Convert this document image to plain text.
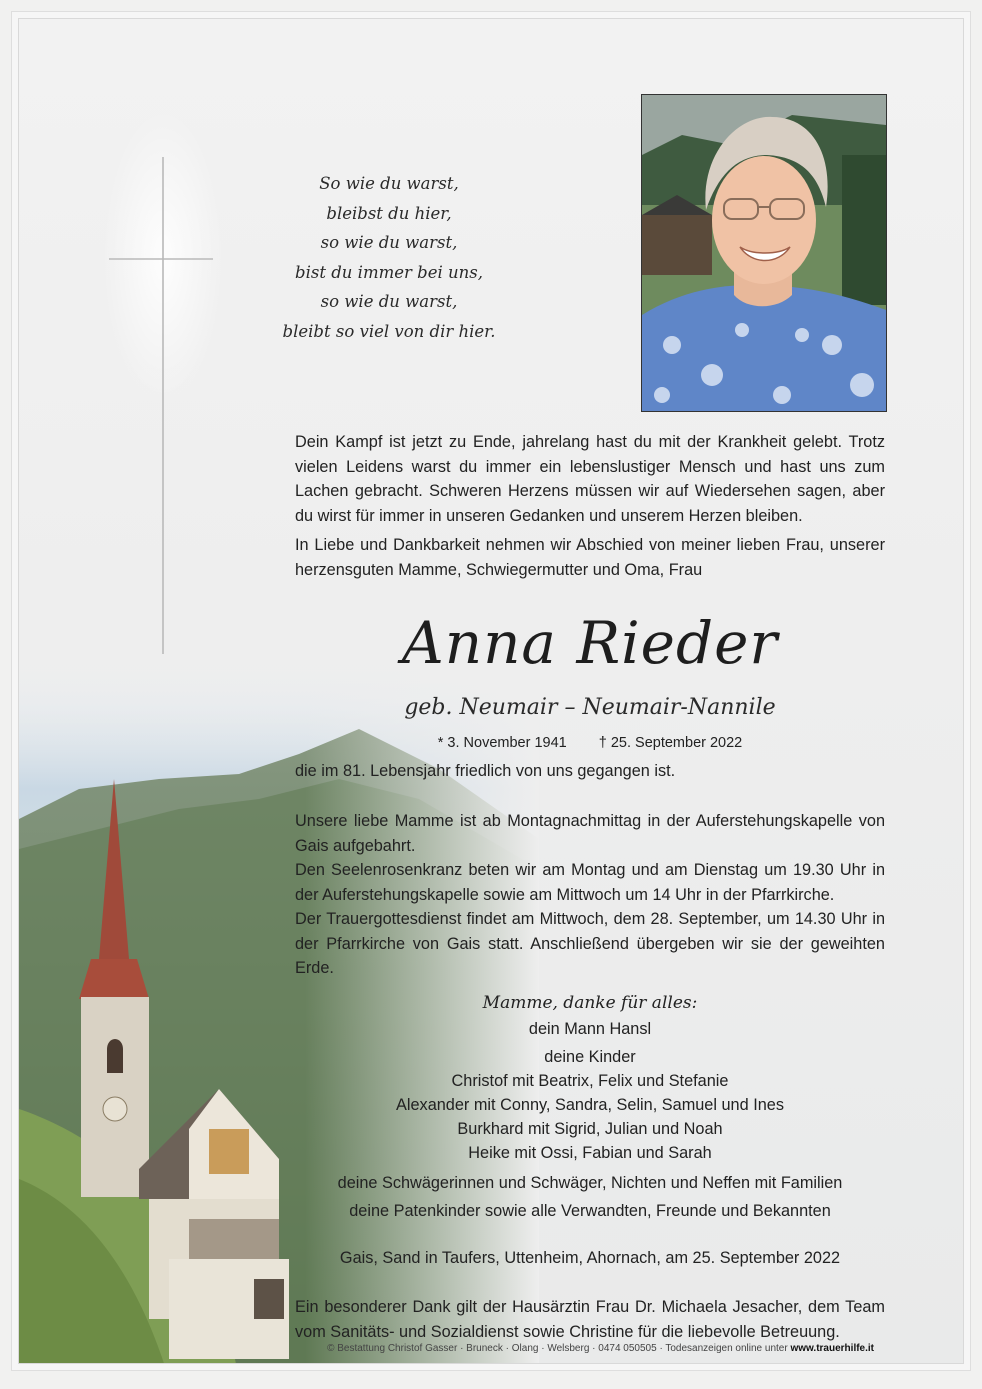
So wie du warst,
bleibst du hier,
so wie du warst,
bist du immer bei uns,
so wie du warst,
bleibt so viel von dir hier.

Dein Kampf ist jetzt zu Ende, jahrelang hast du mit der Krankheit gelebt. Trotz vielen Leidens warst du immer ein lebenslustiger Mensch und hast uns zum Lachen gebracht. Schweren Herzens müssen wir auf Wiedersehen sagen, aber du wirst für immer in unseren Gedanken und unserem Herzen bleiben.

In Liebe und Dankbarkeit nehmen wir Abschied von meiner lieben Frau, unserer herzensguten Mamme, Schwiegermutter und Oma, Frau

Anna Rieder
geb. Neumair – Neumair-Nannile
* 3. November 1941 † 25. September 2022

die im 81. Lebensjahr friedlich von uns gegangen ist.

Unsere liebe Mamme ist ab Montagnachmittag in der Auferstehungskapelle von Gais aufgebahrt.

Den Seelenrosenkranz beten wir am Montag und am Dienstag um 19.30 Uhr in der Auferstehungskapelle sowie am Mittwoch um 14 Uhr in der Pfarrkirche.

Der Trauergottesdienst findet am Mittwoch, dem 28. September, um 14.30 Uhr in der Pfarrkirche von Gais statt. Anschließend übergeben wir sie der geweihten Erde.

Mamme, danke für alles:
dein Mann Hansl
deine Kinder
Christof mit Beatrix, Felix und Stefanie
Alexander mit Conny, Sandra, Selin, Samuel und Ines
Burkhard mit Sigrid, Julian und Noah
Heike mit Ossi, Fabian und Sarah
deine Schwägerinnen und Schwäger, Nichten und Neffen mit Familien
deine Patenkinder sowie alle Verwandten, Freunde und Bekannten
Gais, Sand in Taufers, Uttenheim, Ahornach, am 25. September 2022

Ein besonderer Dank gilt der Hausärztin Frau Dr. Michaela Jesacher, dem Team vom Sanitäts- und Sozialdienst sowie Christine für die liebevolle Betreuung.

© Bestattung Christof Gasser · Bruneck · Olang · Welsberg · 0474 050505 · Todesanzeigen online unter www.trauerhilfe.it
